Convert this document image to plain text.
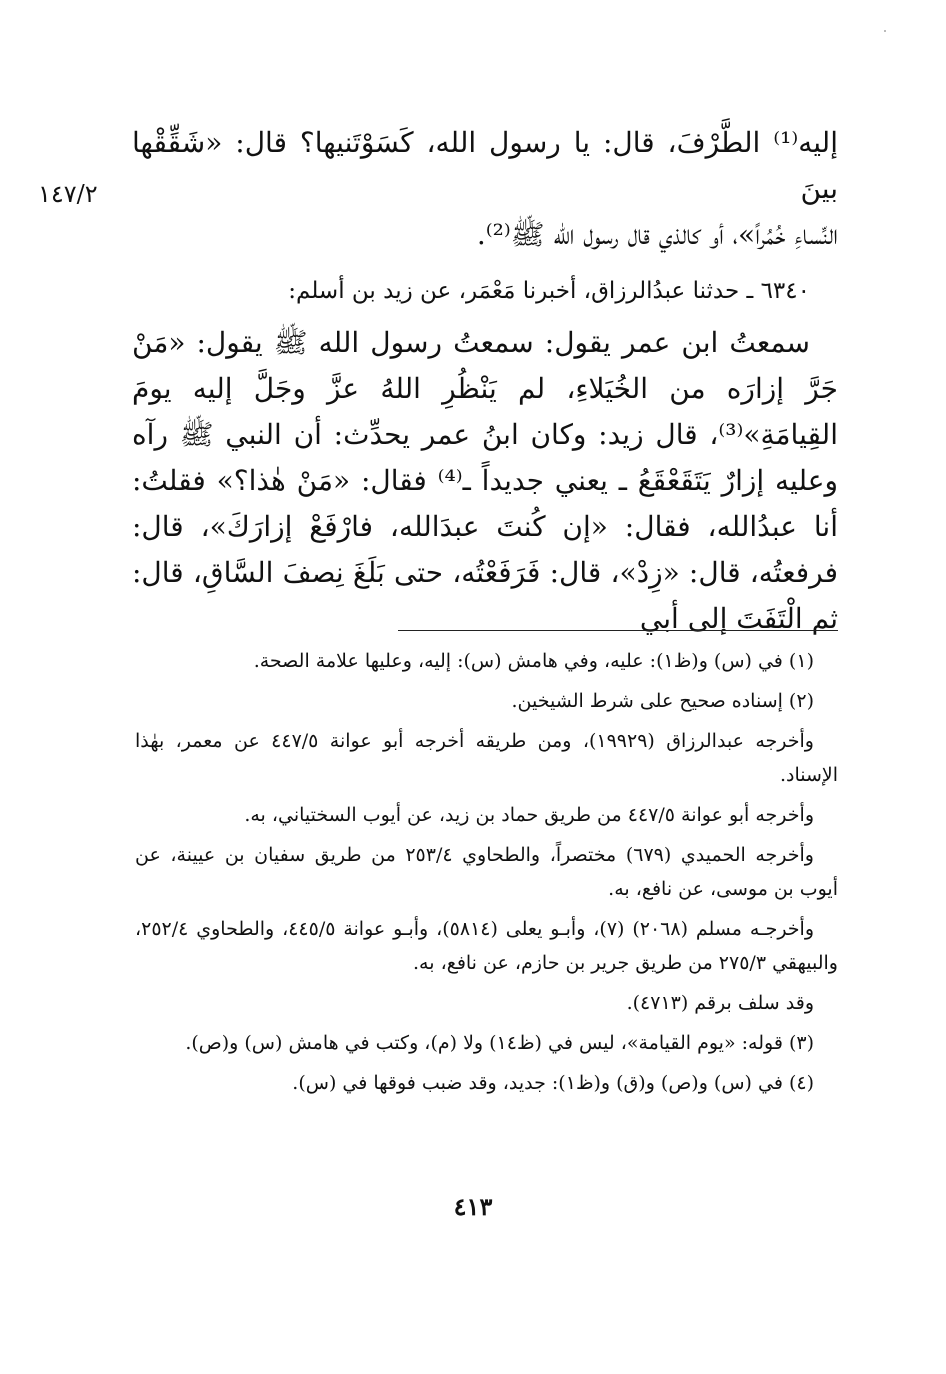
١٤٧/٢

إليه⁽¹⁾ الطَّرْفَ، قال: يا رسول الله، كَسَوْتَنيها؟ قال: «شَقِّقْها بينَ

النِّساءِ خُمُراً»، أو كالذي قال رسول الله ﷺ⁽²⁾.

٦٣٤٠ ـ حدثنا عبدُالرزاق، أخبرنا مَعْمَر، عن زيد بن أسلم:

سمعتُ ابن عمر يقول: سمعتُ رسول الله ﷺ يقول: «مَنْ جَرَّ إزارَه من الخُيَلاءِ، لم يَنْظُرِ اللهُ عزَّ وجَلَّ إليه يومَ القِيامَةِ»⁽³⁾، قال زيد: وكان ابنُ عمر يحدِّث: أن النبي ﷺ رآه وعليه إزارٌ يَتَقَعْقَعُ ـ يعني جديداً ـ⁽⁴⁾ فقال: «مَنْ هٰذا؟» فقلتُ: أنا عبدُالله، فقال: «إن كُنتَ عبدَالله، فارْفَعْ إزارَكَ»، قال: فرفعتُه، قال: «زِدْ»، قال: فَرَفَعْتُه، حتى بَلَغَ نِصفَ السَّاقِ، قال: ثم الْتَفَتَ إلى أبي

(١) في (س) و(ظ١): عليه، وفي هامش (س): إليه، وعليها علامة الصحة.

(٢) إسناده صحيح على شرط الشيخين.

وأخرجه عبدالرزاق (١٩٩٢٩)، ومن طريقه أخرجه أبو عوانة ٤٤٧/٥ عن معمر، بهٰذا الإسناد.

وأخرجه أبو عوانة ٤٤٧/٥ من طريق حماد بن زيد، عن أيوب السختياني، به.

وأخرجه الحميدي (٦٧٩) مختصراً، والطحاوي ٢٥٣/٤ من طريق سفيان بن عيينة، عن أيوب بن موسى، عن نافع، به.

وأخرجـه مسلم (٢٠٦٨) (٧)، وأبـو يعلى (٥٨١٤)، وأبـو عوانة ٤٤٥/٥، والطحاوي ٢٥٢/٤، والبيهقي ٢٧٥/٣ من طريق جرير بن حازم، عن نافع، به.

وقد سلف برقم (٤٧١٣).

(٣) قوله: «يوم القيامة»، ليس في (ظ١٤) ولا (م)، وكتب في هامش (س) و(ص).

(٤) في (س) و(ص) و(ق) و(ظ١): جديد، وقد ضبب فوقها في (س).

٤١٣
